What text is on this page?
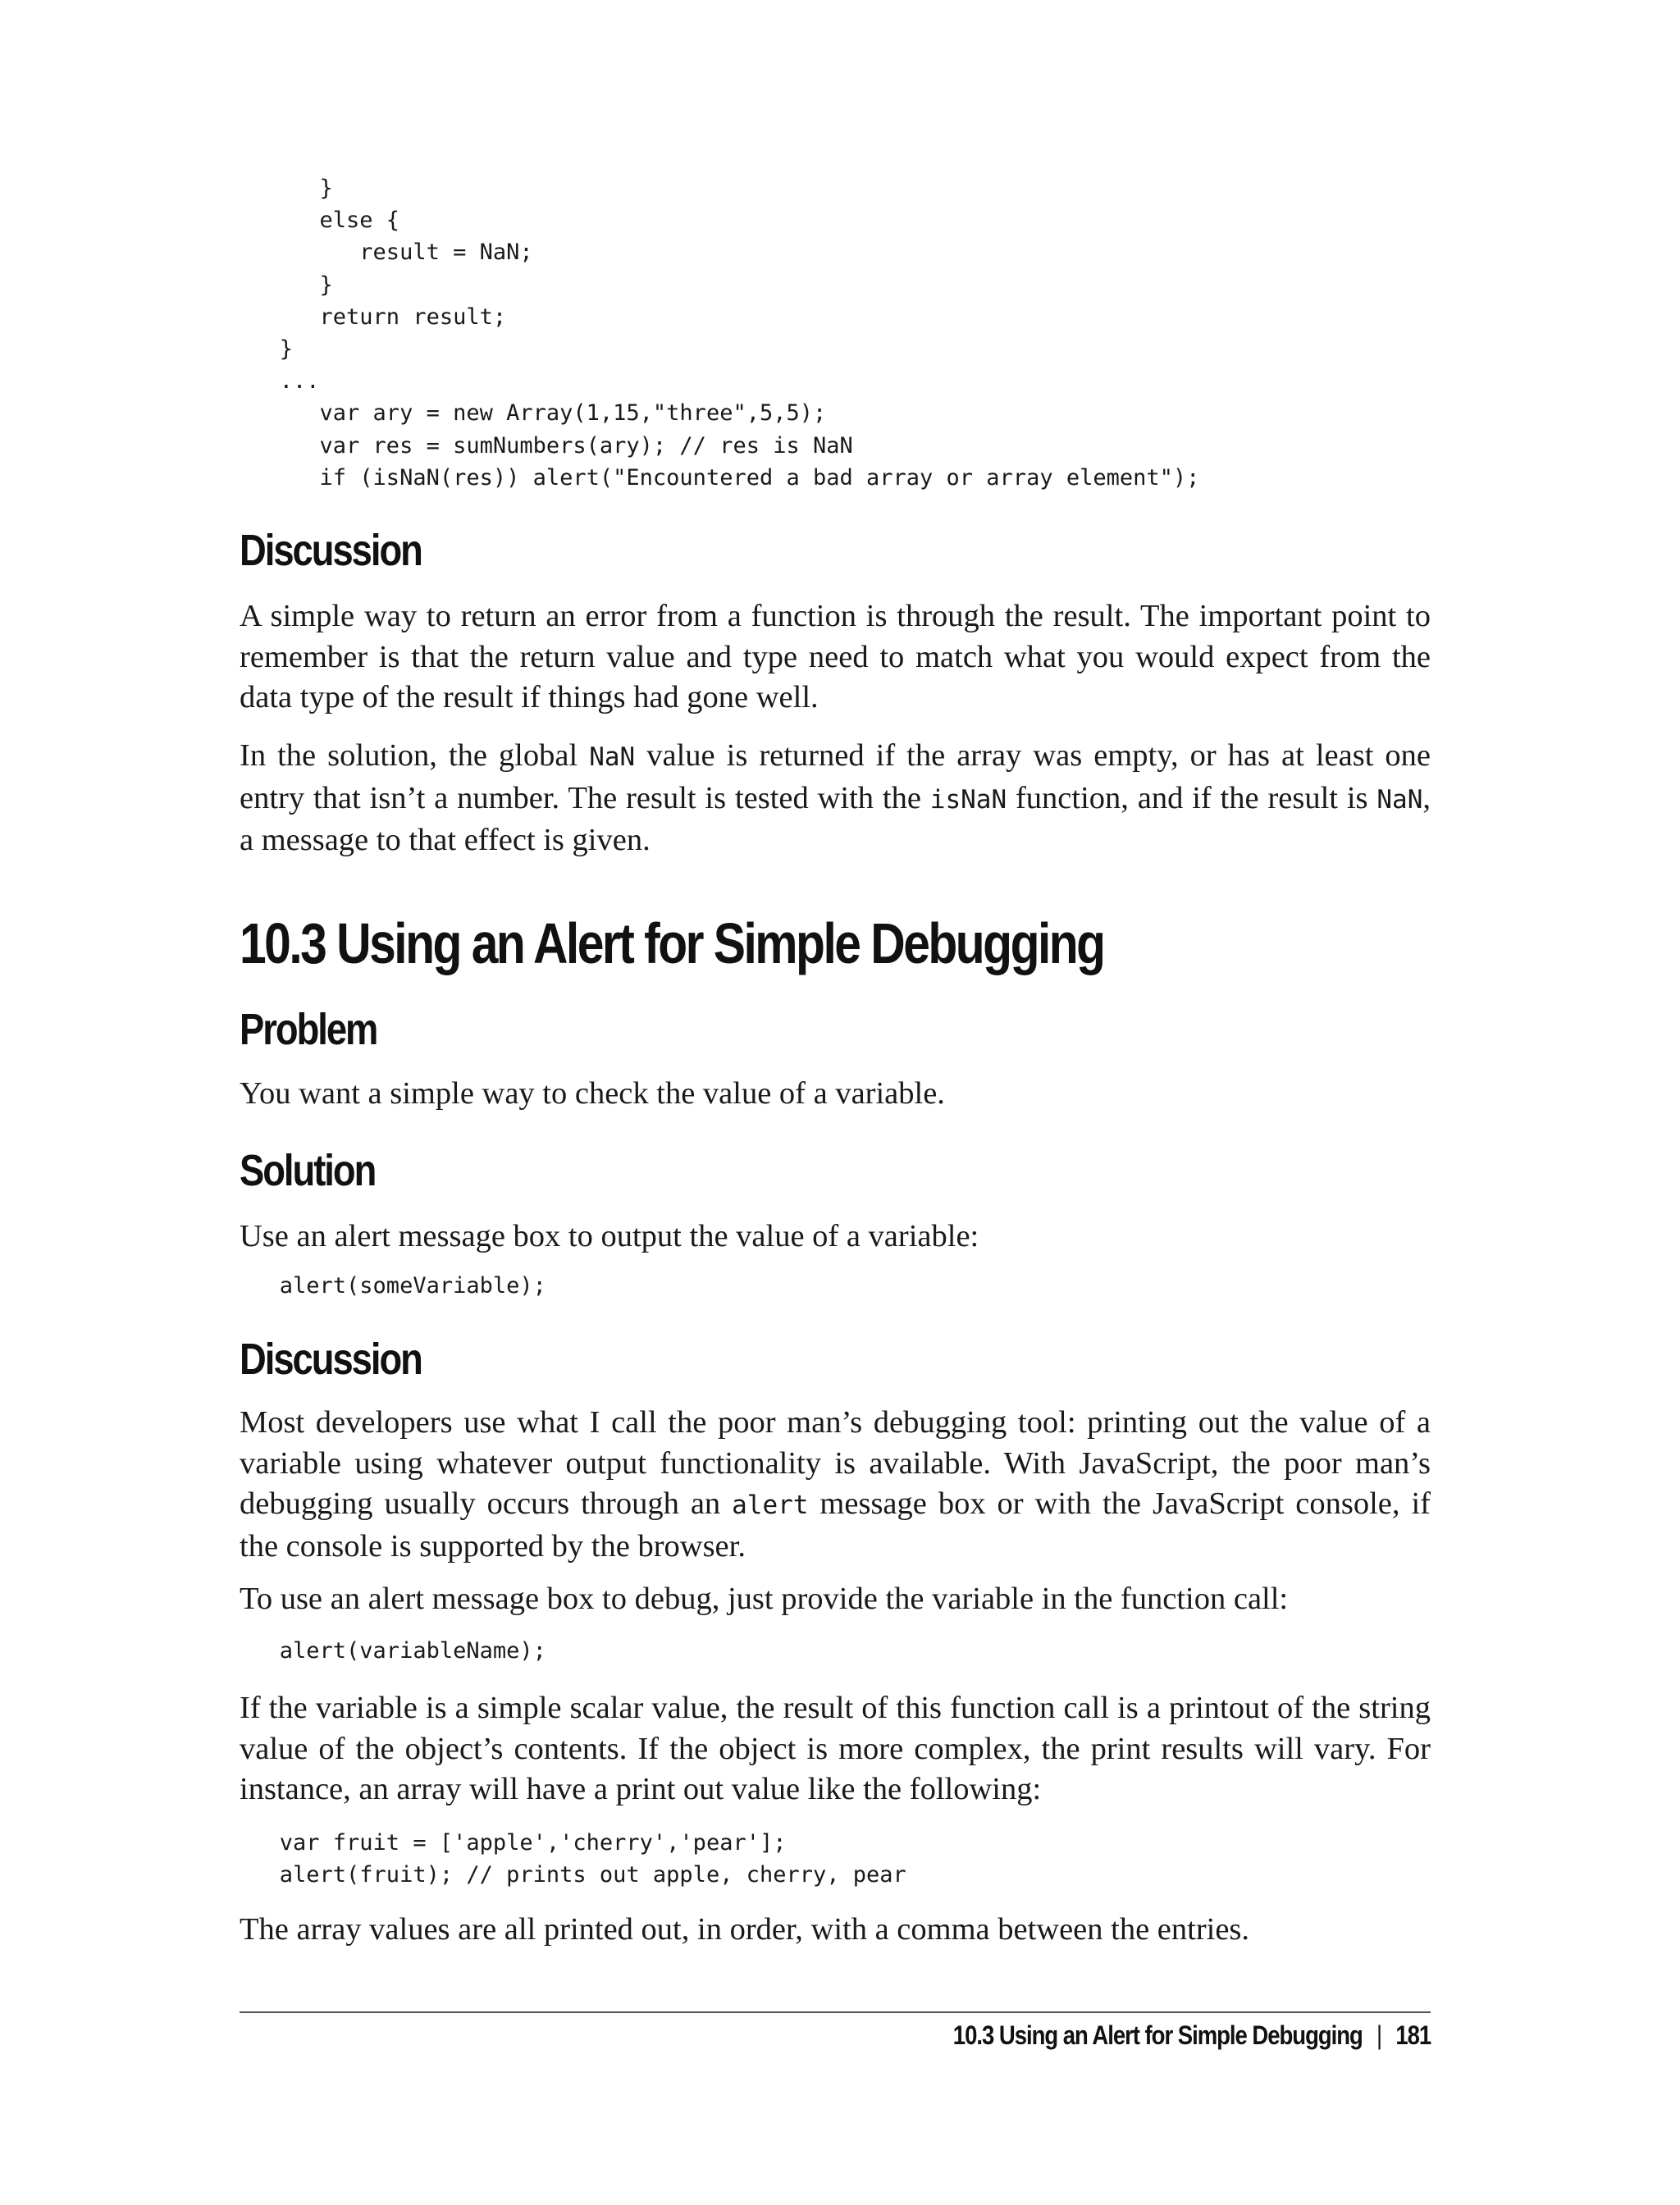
}
else {
result = NaN;
}
return result;
}
...
var ary = new Array(1,15,"three",5,5);
var res = sumNumbers(ary); // res is NaN
if (isNaN(res)) alert("Encountered a bad array or array element");
Discussion

A simple way to return an error from a function is through the result. The important point to remember is that the return value and type need to match what you would expect from the data type of the result if things had gone well.

In the solution, the global NaN value is returned if the array was empty, or has at least one entry that isn’t a number. The result is tested with the isNaN function, and if the result is NaN, a message to that effect is given.

10.3 Using an Alert for Simple Debugging
Problem

You want a simple way to check the value of a variable.

Solution

Use an alert message box to output the value of a variable:

alert(someVariable);
Discussion

Most developers use what I call the poor man’s debugging tool: printing out the value of a variable using whatever output functionality is available. With JavaScript, the poor man’s debugging usually occurs through an alert message box or with the JavaScript console, if the console is supported by the browser.

To use an alert message box to debug, just provide the variable in the function call:

alert(variableName);

If the variable is a simple scalar value, the result of this function call is a printout of the string value of the object’s contents. If the object is more complex, the print results will vary. For instance, an array will have a print out value like the following:

var fruit = ['apple','cherry','pear'];
alert(fruit); // prints out apple, cherry, pear

The array values are all printed out, in order, with a comma between the entries.

10.3 Using an Alert for Simple Debugging | 181
